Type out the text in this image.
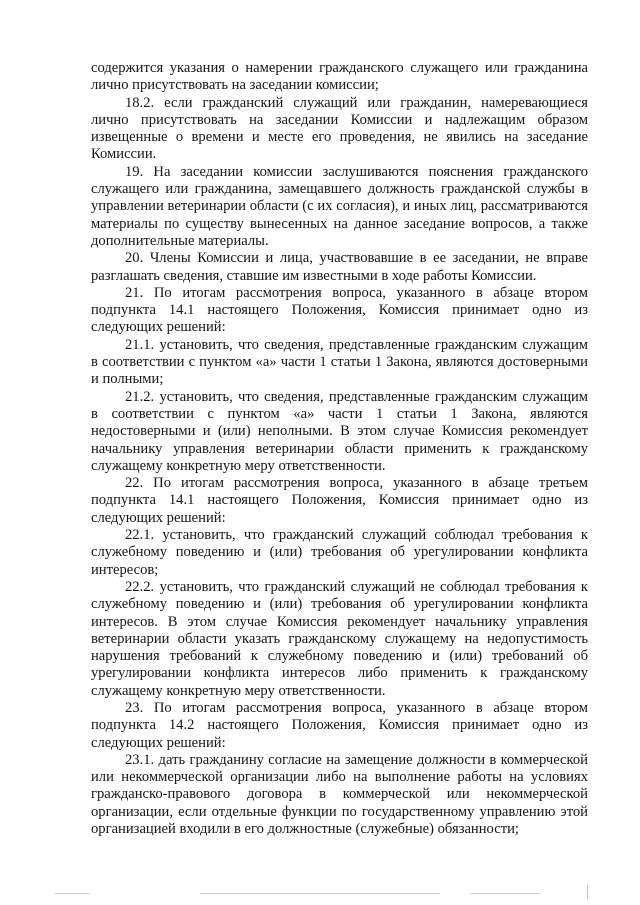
содержится указания о намерении гражданского служащего или гражданина лично присутствовать на заседании комиссии;

18.2. если гражданский служащий или гражданин, намеревающиеся лично присутствовать на заседании Комиссии и надлежащим образом извещенные о времени и месте его проведения, не явились на заседание Комиссии.

19. На заседании комиссии заслушиваются пояснения гражданского служащего или гражданина, замещавшего должность гражданской службы в управлении ветеринарии области (с их согласия), и иных лиц, рассматриваются материалы по существу вынесенных на данное заседание вопросов, а также дополнительные материалы.

20. Члены Комиссии и лица, участвовавшие в ее заседании, не вправе разглашать сведения, ставшие им известными в ходе работы Комиссии.

21. По итогам рассмотрения вопроса, указанного в абзаце втором подпункта 14.1 настоящего Положения, Комиссия принимает одно из следующих решений:

21.1. установить, что сведения, представленные гражданским служащим в соответствии с пунктом «а» части 1 статьи 1 Закона, являются достоверными и полными;

21.2. установить, что сведения, представленные гражданским служащим в соответствии с пунктом «а» части 1 статьи 1 Закона, являются недостоверными и (или) неполными. В этом случае Комиссия рекомендует начальнику управления ветеринарии области применить к гражданскому служащему конкретную меру ответственности.

22. По итогам рассмотрения вопроса, указанного в абзаце третьем подпункта 14.1 настоящего Положения, Комиссия принимает одно из следующих решений:

22.1. установить, что гражданский служащий соблюдал требования к служебному поведению и (или) требования об урегулировании конфликта интересов;

22.2. установить, что гражданский служащий не соблюдал требования к служебному поведению и (или) требования об урегулировании конфликта интересов. В этом случае Комиссия рекомендует начальнику управления ветеринарии области указать гражданскому служащему на недопустимость нарушения требований к служебному поведению и (или) требований об урегулировании конфликта интересов либо применить к гражданскому служащему конкретную меру ответственности.

23. По итогам рассмотрения вопроса, указанного в абзаце втором подпункта 14.2 настоящего Положения, Комиссия принимает одно из следующих решений:

23.1. дать гражданину согласие на замещение должности в коммерческой или некоммерческой организации либо на выполнение работы на условиях гражданско-правового договора в коммерческой или некоммерческой организации, если отдельные функции по государственному управлению этой организацией входили в его должностные (служебные) обязанности;
